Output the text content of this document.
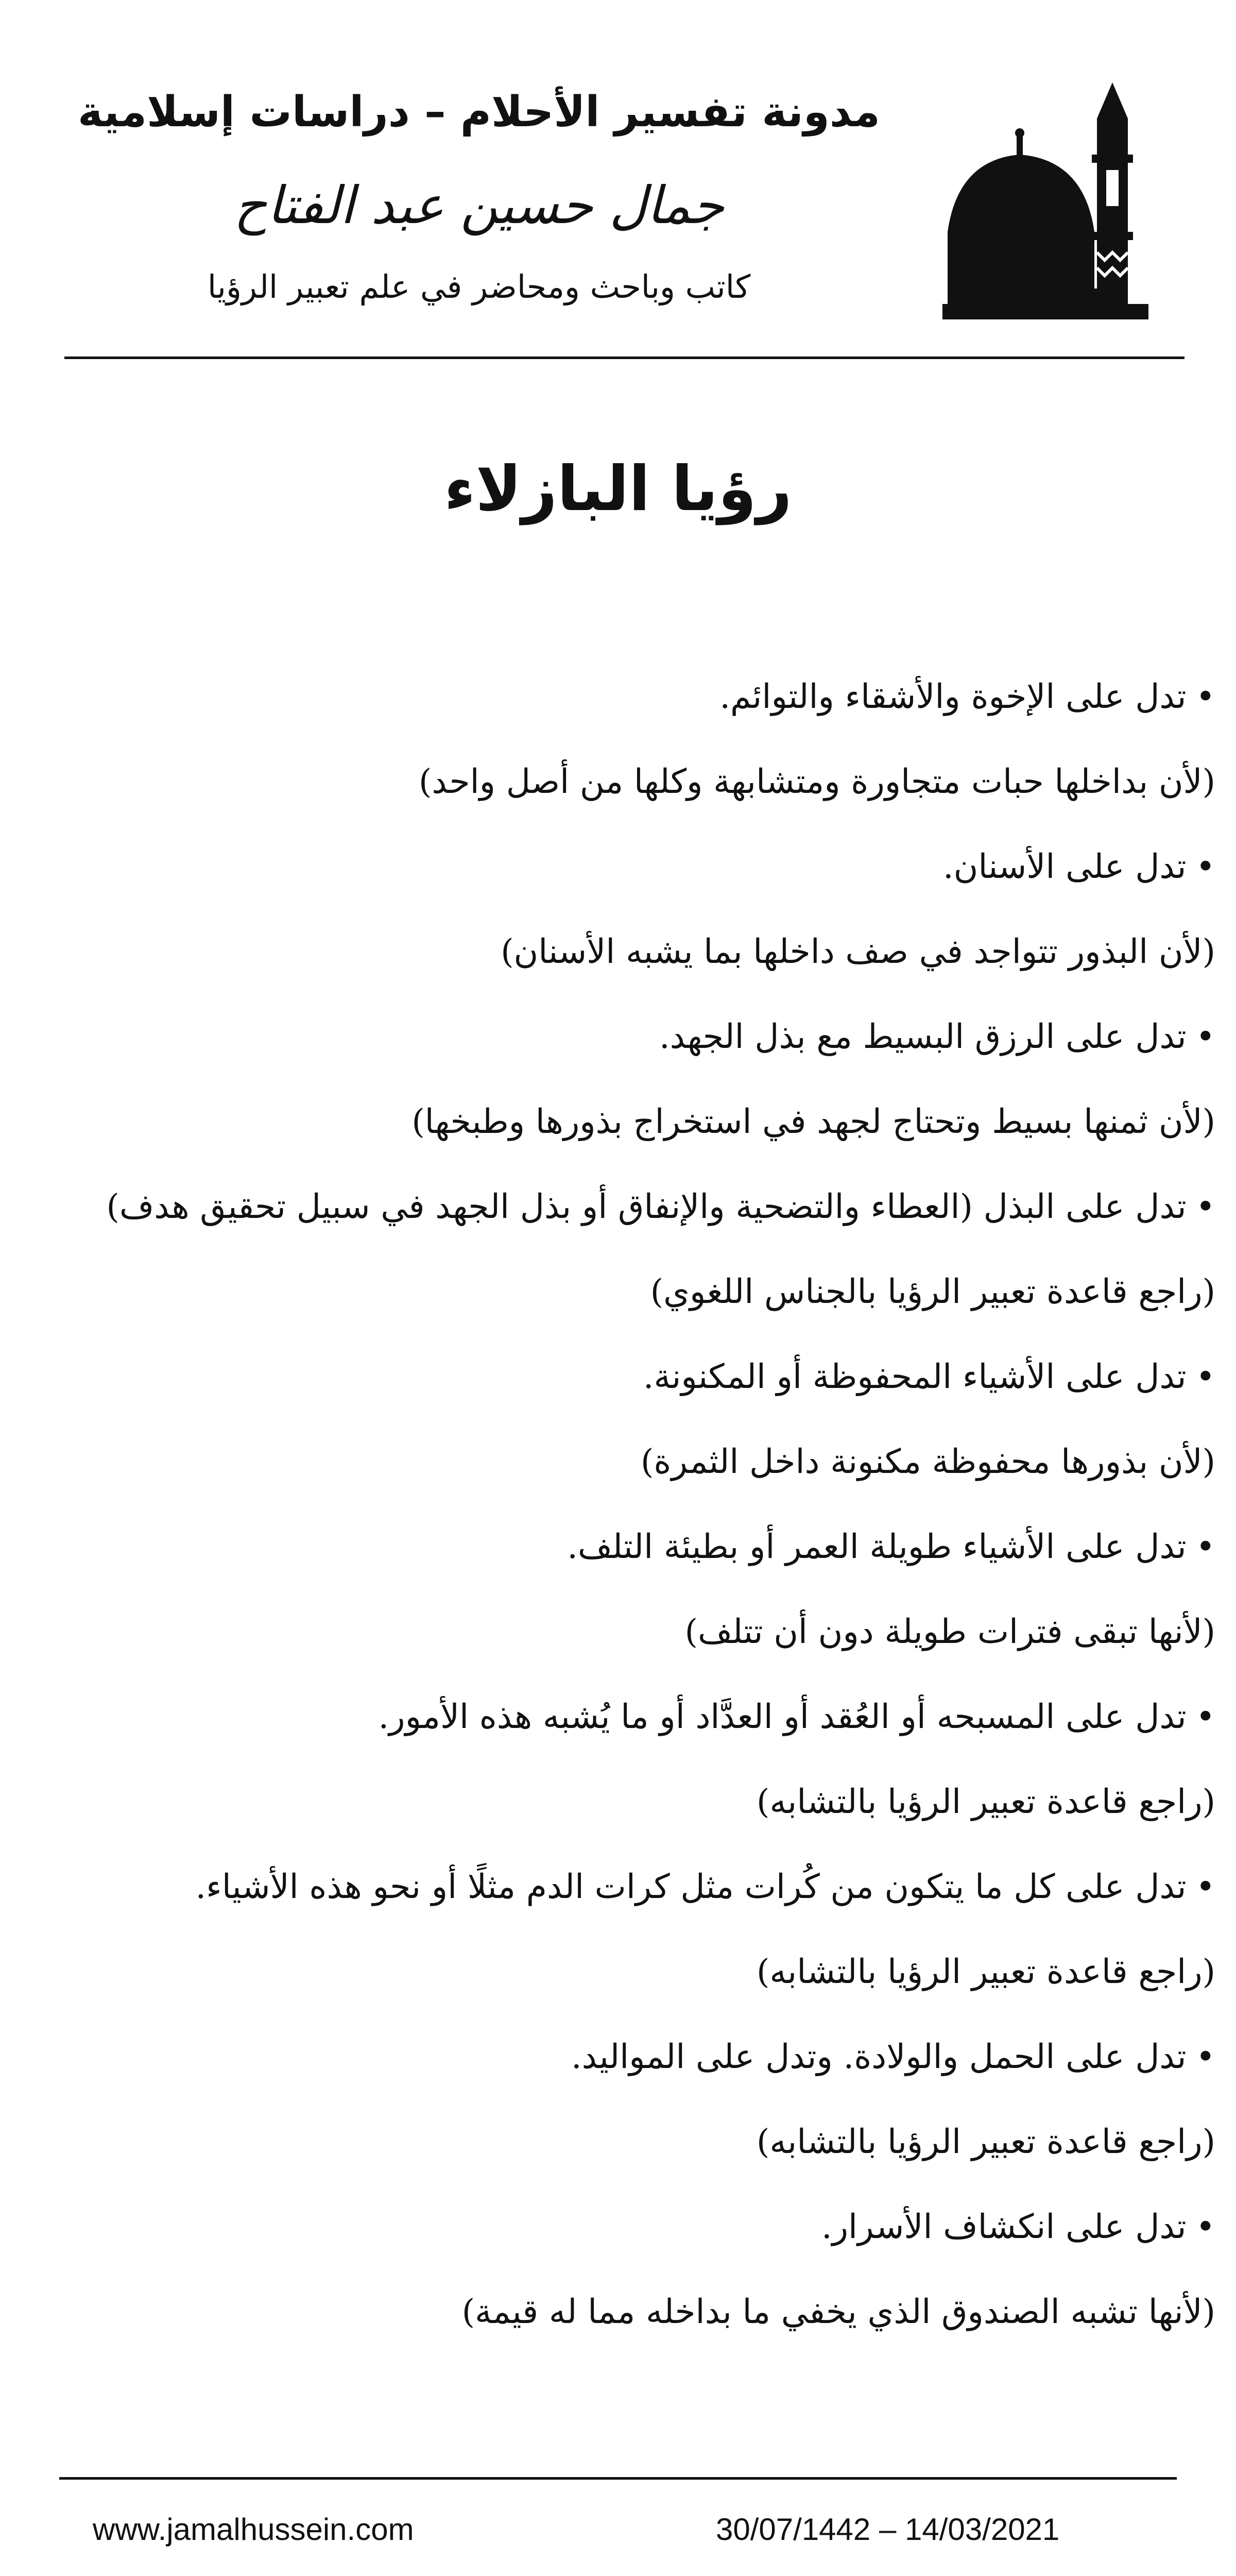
مدونة تفسير الأحلام – دراسات إسلامية
جمال حسين عبد الفتاح
كاتب وباحث ومحاضر في علم تعبير الرؤيا
رؤيا البازلاء
•تدل على الإخوة والأشقاء والتوائم.
(لأن بداخلها حبات متجاورة ومتشابهة وكلها من أصل واحد)
•تدل على الأسنان.
(لأن البذور تتواجد في صف داخلها بما يشبه الأسنان)
•تدل على الرزق البسيط مع بذل الجهد.
(لأن ثمنها بسيط وتحتاج لجهد في استخراج بذورها وطبخها)
•تدل على البذل (العطاء والتضحية والإنفاق أو بذل الجهد في سبيل تحقيق هدف)
(راجع قاعدة تعبير الرؤيا بالجناس اللغوي)
•تدل على الأشياء المحفوظة أو المكنونة.
(لأن بذورها محفوظة مكنونة داخل الثمرة)
•تدل على الأشياء طويلة العمر أو بطيئة التلف.
(لأنها تبقى فترات طويلة دون أن تتلف)
•تدل على المسبحه أو العُقد أو العدَّاد أو ما يُشبه هذه الأمور.
(راجع قاعدة تعبير الرؤيا بالتشابه)
•تدل على كل ما يتكون من كُرات مثل كرات الدم مثلًا أو نحو هذه الأشياء.
(راجع قاعدة تعبير الرؤيا بالتشابه)
•تدل على الحمل والولادة. وتدل على المواليد.
(راجع قاعدة تعبير الرؤيا بالتشابه)
•تدل على انكشاف الأسرار.
(لأنها تشبه الصندوق الذي يخفي ما بداخله مما له قيمة)
www.jamalhussein.com	30/07/1442 – 14/03/2021
